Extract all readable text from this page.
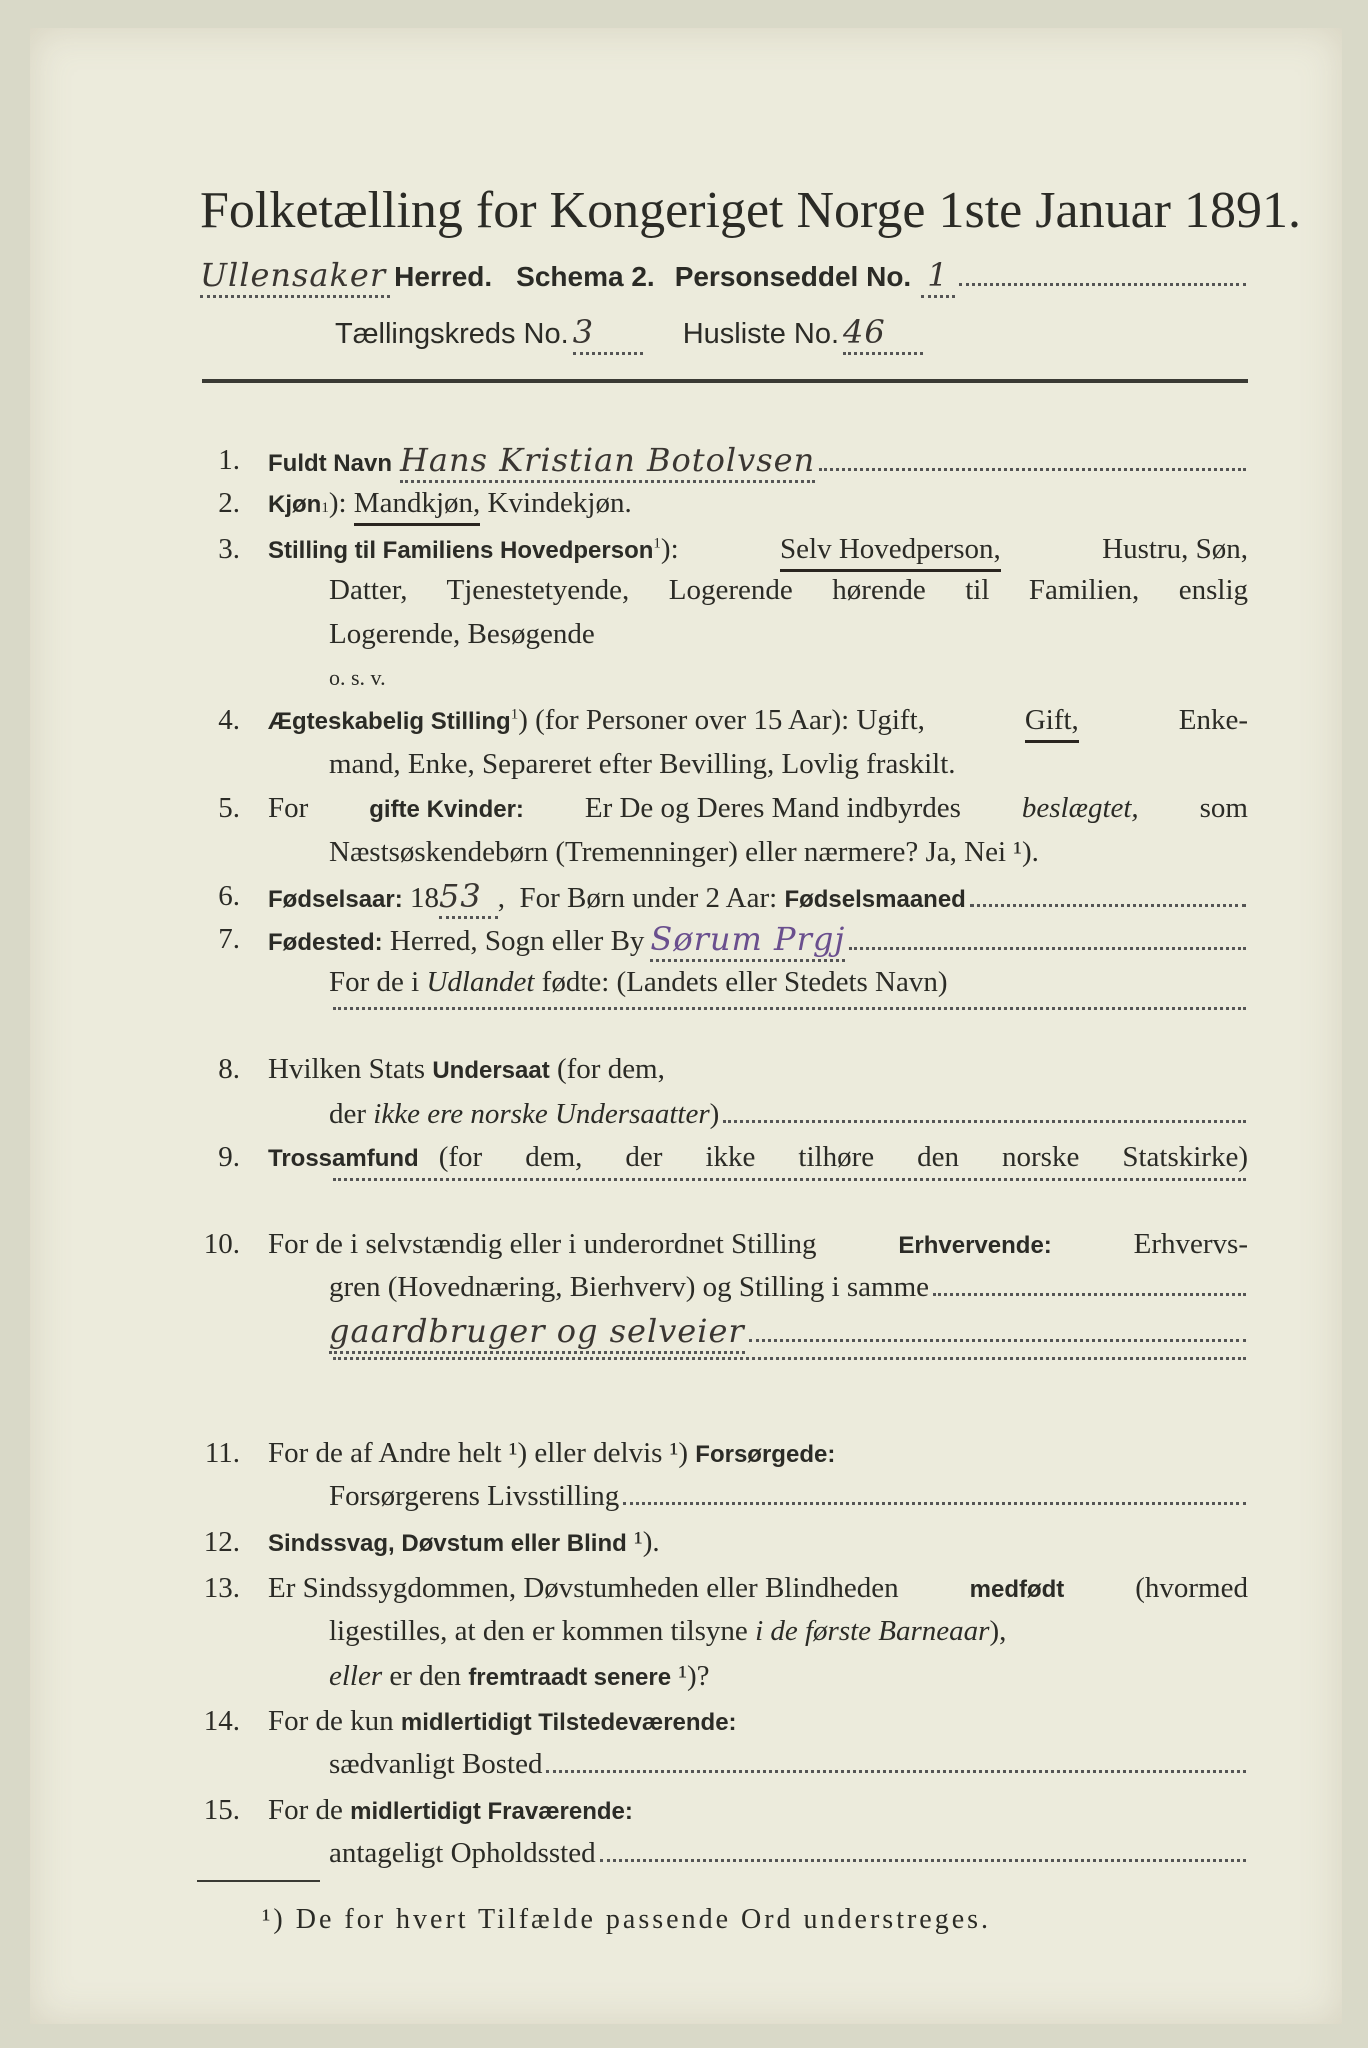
Folketælling for Kongeriget Norge 1ste Januar 1891.
Ullensaker Herred. Schema 2. Personseddel No. 1
Tællingskreds No. 3	Husliste No. 46
1. Fuldt Navn Hans Kristian Botolvsen
2. Kjøn 1 ):
Mandkjøn,
Kvindekjøn.
3. Stilling til Familiens Hovedperson$^1$):	Selv Hovedperson,	Hustru, Søn,
Datter, Tjenestetyende, Logerende hørende til Familien, enslig
Logerende, Besøgende
o. s. v.
4. Ægteskabelig Stilling$^1$) (for Personer over 15 Aar): Ugift,	Gift,	Enke-
mand, Enke, Separeret efter Bevilling, Lovlig fraskilt.
5. For	gifte Kvinder: Er De og Deres Mand indbyrdes beslægtet, som
Næstsøskendebørn (Tremenninger) eller nærmere? Ja, Nei ¹).
6. Fødselsaar:
18 53 , For Børn under 2 Aar:
Fødselsmaaned
7. Fødested:
Herred, Sogn eller By Sørum Prgj
For de i
Udlandet
fødte: (Landets eller Stedets Navn)
8. Hvilken Stats
Undersaat
(for dem,
der
ikke ere norske Undersaatter )
9. Trossamfund (for dem, der ikke tilhøre den norske Statskirke)
10. For de i selvstændig eller i underordnet Stilling	Erhvervende:	Erhvervs-
gren (Hovednæring, Bierhverv) og Stilling i samme
gaardbruger og selveier
11. For de af Andre helt ¹) eller delvis ¹)
Forsørgede:
Forsørgerens Livsstilling
12. Sindssvag, Døvstum eller Blind
¹).
13. Er Sindssygdommen, Døvstumheden eller Blindheden	medfødt (hvormed
ligestilles, at den er kommen tilsyne
i de første Barneaar ),
eller
er den
fremtraadt senere
¹)?
14. For de kun
midlertidigt Tilstedeværende:
sædvanligt Bosted
15. For de
midlertidigt Fraværende:
antageligt Opholdssted
¹) De for hvert Tilfælde passende Ord understreges.
